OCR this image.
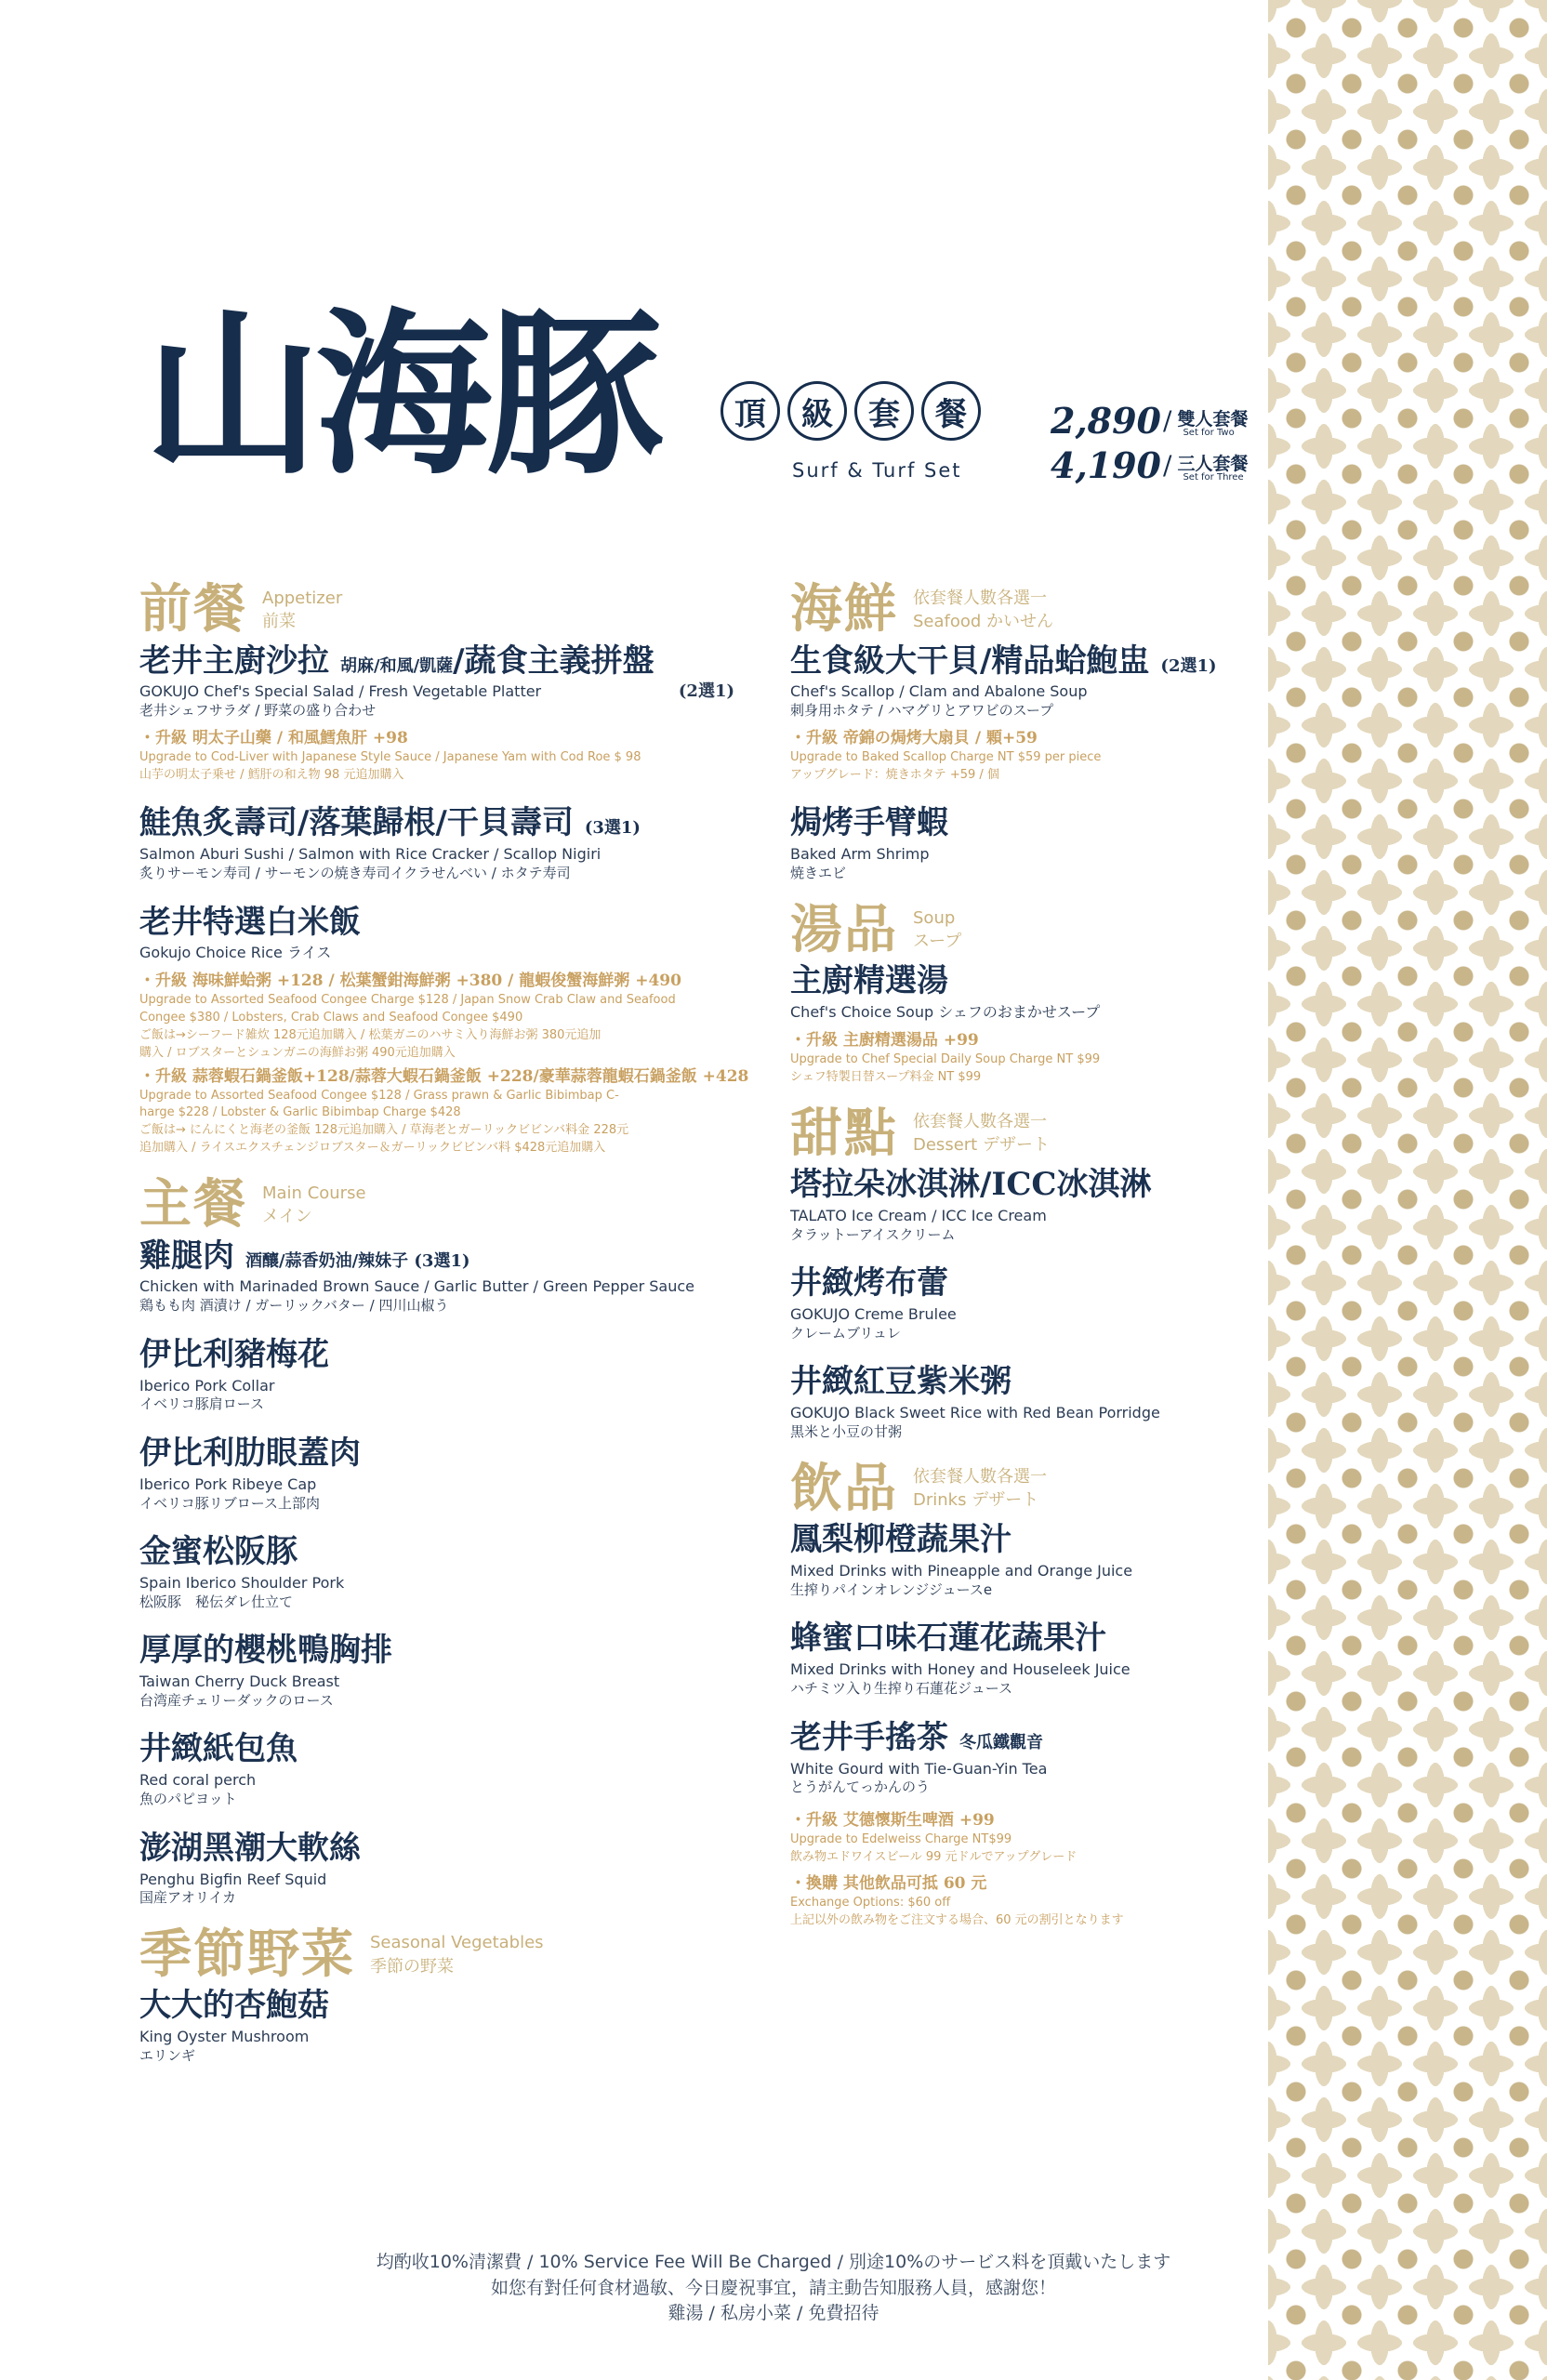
山海豚	頂	級	套	餐
Surf & Turf Set
2,890 / 雙人套餐
Set for Two
4,190 / 三人套餐
Set for Three
前餐 Appetizer
前菜
老井主廚沙拉 胡麻/和風/凱薩 /蔬食主義拼盤
GOKUJO Chef's Special Salad / Fresh Vegetable Platter	(2選1)
老井シェフサラダ / 野菜の盛り合わせ
・升級 明太子山藥 / 和風鱈魚肝 +98
Upgrade to Cod-Liver with Japanese Style Sauce / Japanese Yam with Cod Roe $ 98
山芋の明太子乗せ / 鱈肝の和え物 98 元追加購入
鮭魚炙壽司/落葉歸根/干貝壽司 (3選1)
Salmon Aburi Sushi / Salmon with Rice Cracker / Scallop Nigiri
炙りサーモン寿司 / サーモンの焼き寿司イクラせんべい / ホタテ寿司
老井特選白米飯
Gokujo Choice Rice ライス
・升級 海味鮮蛤粥 +128 / 松葉蟹鉗海鮮粥 +380 / 龍蝦俊蟹海鮮粥 +490
Upgrade to Assorted Seafood Congee Charge $128 / Japan Snow Crab Claw and Seafood
Congee $380 / Lobsters, Crab Claws and Seafood Congee $490
ご飯は→シーフード雑炊 128元追加購入 / 松葉ガニのハサミ入り海鮮お粥 380元追加
購入 / ロブスターとシュンガニの海鮮お粥 490元追加購入
・升級 蒜蓉蝦石鍋釜飯+128/蒜蓉大蝦石鍋釜飯 +228/豪華蒜蓉龍蝦石鍋釜飯 +428
Upgrade to Assorted Seafood Congee $128 / Grass prawn & Garlic Bibimbap C-
harge $228 / Lobster & Garlic Bibimbap Charge $428
ご飯は→ にんにくと海老の釜飯 128元追加購入 / 草海老とガーリックビビンバ料金 228元
追加購入 / ライスエクスチェンジロブスター＆ガーリックビビンバ料 $428元追加購入
主餐 Main Course
メイン
雞腿肉 酒釀/蒜香奶油/辣妹子 (3選1)
Chicken with Marinaded Brown Sauce / Garlic Butter / Green Pepper Sauce
鶏もも肉 酒漬け / ガーリックバター / 四川山椒う
伊比利豬梅花
Iberico Pork Collar
イベリコ豚肩ロース
伊比利肋眼蓋肉
Iberico Pork Ribeye Cap
イベリコ豚リブロース上部肉
金蜜松阪豚
Spain Iberico Shoulder Pork
松阪豚　秘伝ダレ仕立て
厚厚的櫻桃鴨胸排
Taiwan Cherry Duck Breast
台湾産チェリーダックのロース
井緻紙包魚
Red coral perch
魚のパピヨット
澎湖黑潮大軟絲
Penghu Bigfin Reef Squid
国産アオリイカ
季節野菜 Seasonal Vegetables
季節の野菜
大大的杏鮑菇
King Oyster Mushroom
エリンギ
海鮮 依套餐人數各選一
Seafood かいせん
生食級大干貝/精品蛤鮑盅 (2選1)
Chef's Scallop / Clam and Abalone Soup
刺身用ホタテ / ハマグリとアワビのスープ
・升級 帝錦の焗烤大扇貝 / 顆+59
Upgrade to Baked Scallop Charge NT $59 per piece
アップグレード：焼きホタテ +59 / 個
焗烤手臂蝦
Baked Arm Shrimp
焼きエビ
湯品 Soup
スープ
主廚精選湯
Chef's Choice Soup シェフのおまかせスープ
・升級 主廚精選湯品 +99
Upgrade to Chef Special Daily Soup Charge NT $99
シェフ特製日替スープ料金 NT $99
甜點 依套餐人數各選一
Dessert デザート
塔拉朵冰淇淋/ICC冰淇淋
TALATO Ice Cream / ICC Ice Cream
タラットーアイスクリーム
井緻烤布蕾
GOKUJO Creme Brulee
クレームブリュレ
井緻紅豆紫米粥
GOKUJO Black Sweet Rice with Red Bean Porridge
黒米と小豆の甘粥
飲品 依套餐人數各選一
Drinks デザート
鳳梨柳橙蔬果汁
Mixed Drinks with Pineapple and Orange Juice
生搾りパインオレンジジュースe
蜂蜜口味石蓮花蔬果汁
Mixed Drinks with Honey and Houseleek Juice
ハチミツ入り生搾り石蓮花ジュース
老井手搖茶 冬瓜鐵觀音
White Gourd with Tie-Guan-Yin Tea
とうがんてっかんのう
・升級 艾德懷斯生啤酒 +99
Upgrade to Edelweiss Charge NT$99
飲み物エドワイスビール 99 元ドルでアップグレード
・換購 其他飲品可抵 60 元
Exchange Options: $60 off
上記以外の飲み物をご注文する場合、60 元の割引となります
均酌收10%清潔費 / 10% Service Fee Will Be Charged / 別途10%のサービス料を頂戴いたします
如您有對任何食材過敏、今日慶祝事宜，請主動告知服務人員，感謝您！
雞湯 / 私房小菜 / 免費招待
